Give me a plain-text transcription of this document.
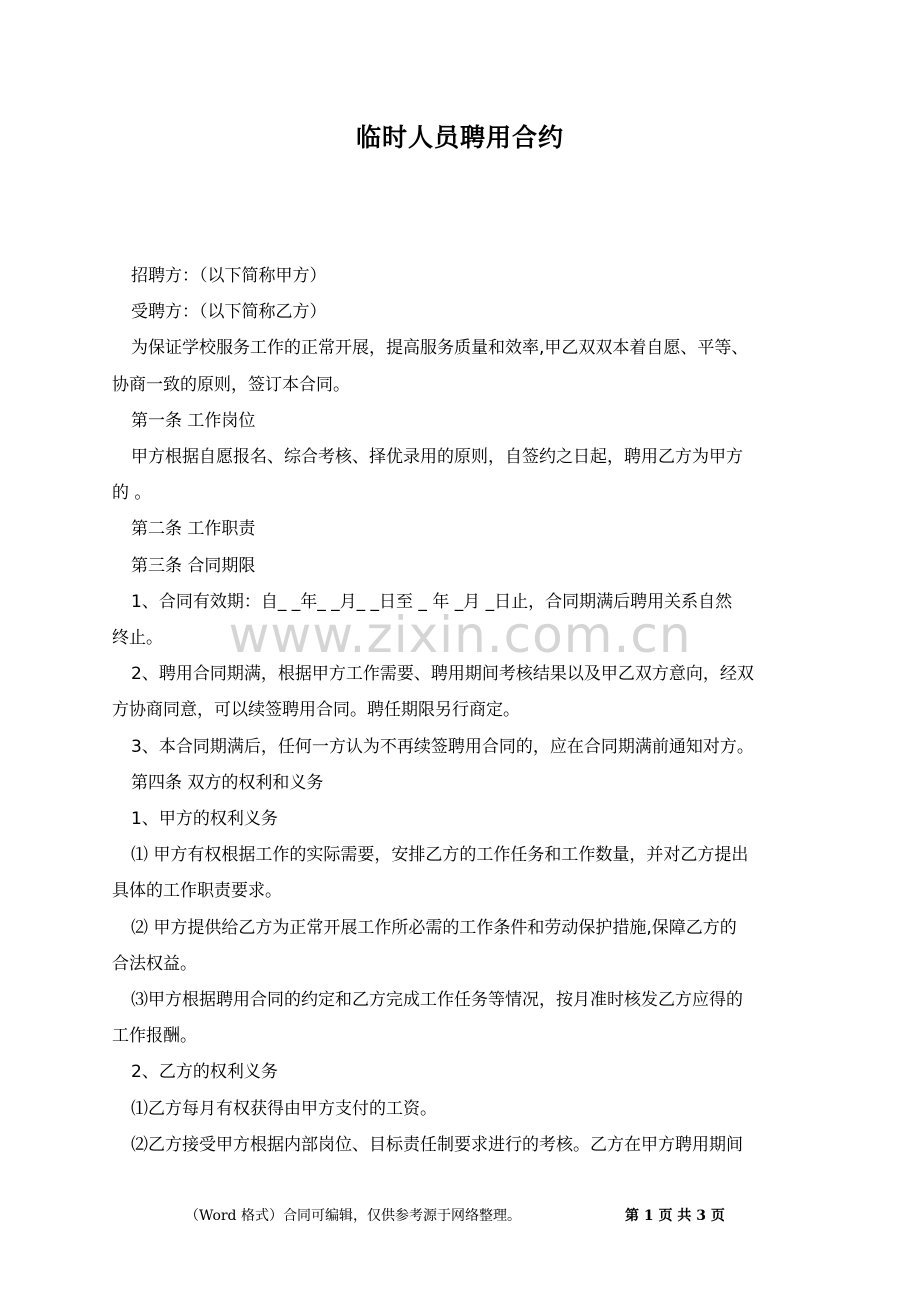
临时人员聘用合约

招聘方：（以下简称甲方）

受聘方：（以下简称乙方）

为保证学校服务工作的正常开展，提高服务质量和效率,甲乙双双本着自愿、平等、

协商一致的原则，签订本合同。

第一条 工作岗位

甲方根据自愿报名、综合考核、择优录用的原则，自签约之日起，聘用乙方为甲方

的 。

第二条 工作职责

第三条 合同期限

1、合同有效期：自_ _年_ _月_ _日至 _ 年 _月 _日止，合同期满后聘用关系自然

终止。

2、聘用合同期满，根据甲方工作需要、聘用期间考核结果以及甲乙双方意向，经双

方协商同意，可以续签聘用合同。聘任期限另行商定。

3、本合同期满后，任何一方认为不再续签聘用合同的，应在合同期满前通知对方。

第四条 双方的权利和义务

1、甲方的权利义务

⑴ 甲方有权根据工作的实际需要，安排乙方的工作任务和工作数量，并对乙方提出

具体的工作职责要求。

⑵ 甲方提供给乙方为正常开展工作所必需的工作条件和劳动保护措施,保障乙方的

合法权益。

⑶甲方根据聘用合同的约定和乙方完成工作任务等情况，按月准时核发乙方应得的

工作报酬。

2、乙方的权利义务

⑴乙方每月有权获得由甲方支付的工资。

⑵乙方接受甲方根据内部岗位、目标责任制要求进行的考核。乙方在甲方聘用期间

www.zixin.com.cn
（Word 格式）合同可编辑，仅供参考源于网络整理。	第 1 页 共 3 页
